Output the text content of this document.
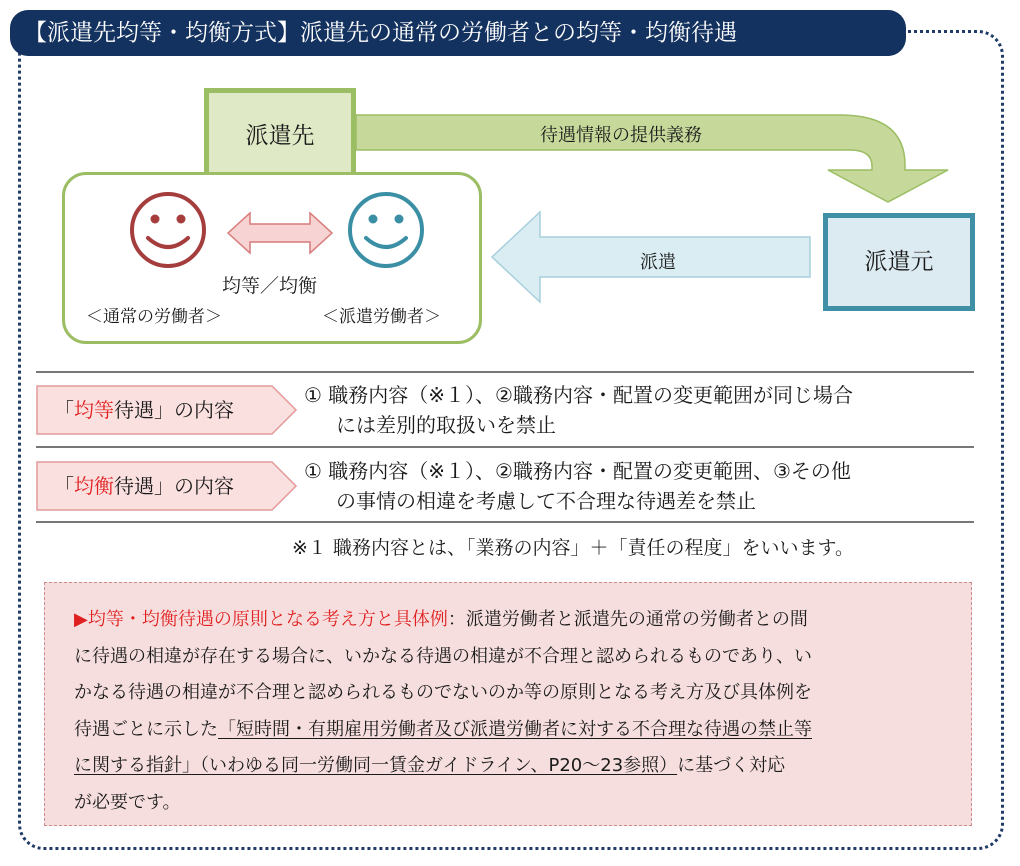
【派遣先均等・均衡方式】派遣先の通常の労働者との均等・均衡待遇
派遣先	待遇情報の提供義務
均等／均衡
＜通常の労働者＞	＜派遣労働者＞
派遣	派遣元
「均等待遇」の内容
① 職務内容（※１）、②職務内容・配置の変更範囲が同じ場合
には差別的取扱いを禁止
「均衡待遇」の内容
① 職務内容（※１）、②職務内容・配置の変更範囲、③その他
の事情の相違を考慮して不合理な待遇差を禁止
※１ 職務内容とは、「業務の内容」＋「責任の程度」をいいます。
▶均等・均衡待遇の原則となる考え方と具体例：派遣労働者と派遣先の通常の労働者との間
に待遇の相違が存在する場合に、いかなる待遇の相違が不合理と認められるものであり、い
かなる待遇の相違が不合理と認められるものでないのか等の原則となる考え方及び具体例を
待遇ごとに示した「短時間・有期雇用労働者及び派遣労働者に対する不合理な待遇の禁止等
に関する指針」（いわゆる同一労働同一賃金ガイドライン、P20～23参照）に基づく対応
が必要です。
